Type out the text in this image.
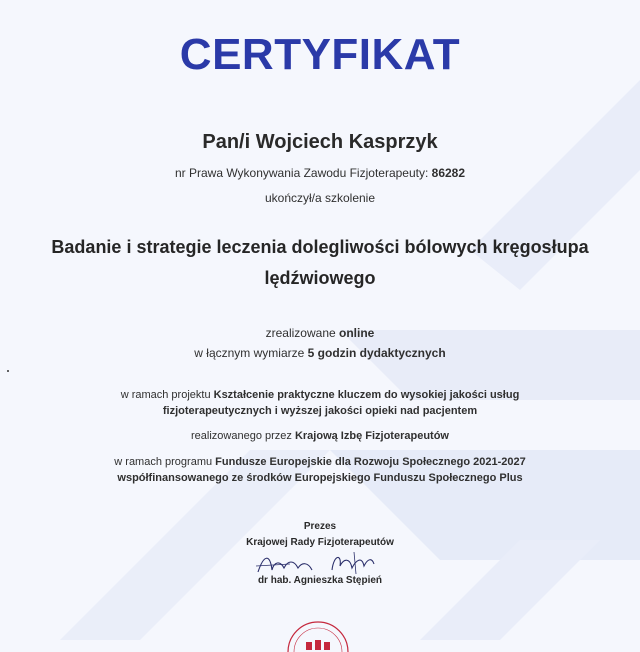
CERTYFIKAT
Pan/i Wojciech Kasprzyk
nr Prawa Wykonywania Zawodu Fizjoterapeuty: 86282
ukończył/a szkolenie
Badanie i strategie leczenia dolegliwości bólowych kręgosłupa
lędźwiowego
zrealizowane online
w łącznym wymiarze 5 godzin dydaktycznych
w ramach projektu Kształcenie praktyczne kluczem do wysokiej jakości usług
fizjoterapeutycznych i wyższej jakości opieki nad pacjentem
realizowanego przez Krajową Izbę Fizjoterapeutów
w ramach programu Fundusze Europejskie dla Rozwoju Społecznego 2021-2027
współfinansowanego ze środków Europejskiego Funduszu Społecznego Plus
Prezes
Krajowej Rady Fizjoterapeutów
dr hab. Agnieszka Stępień
